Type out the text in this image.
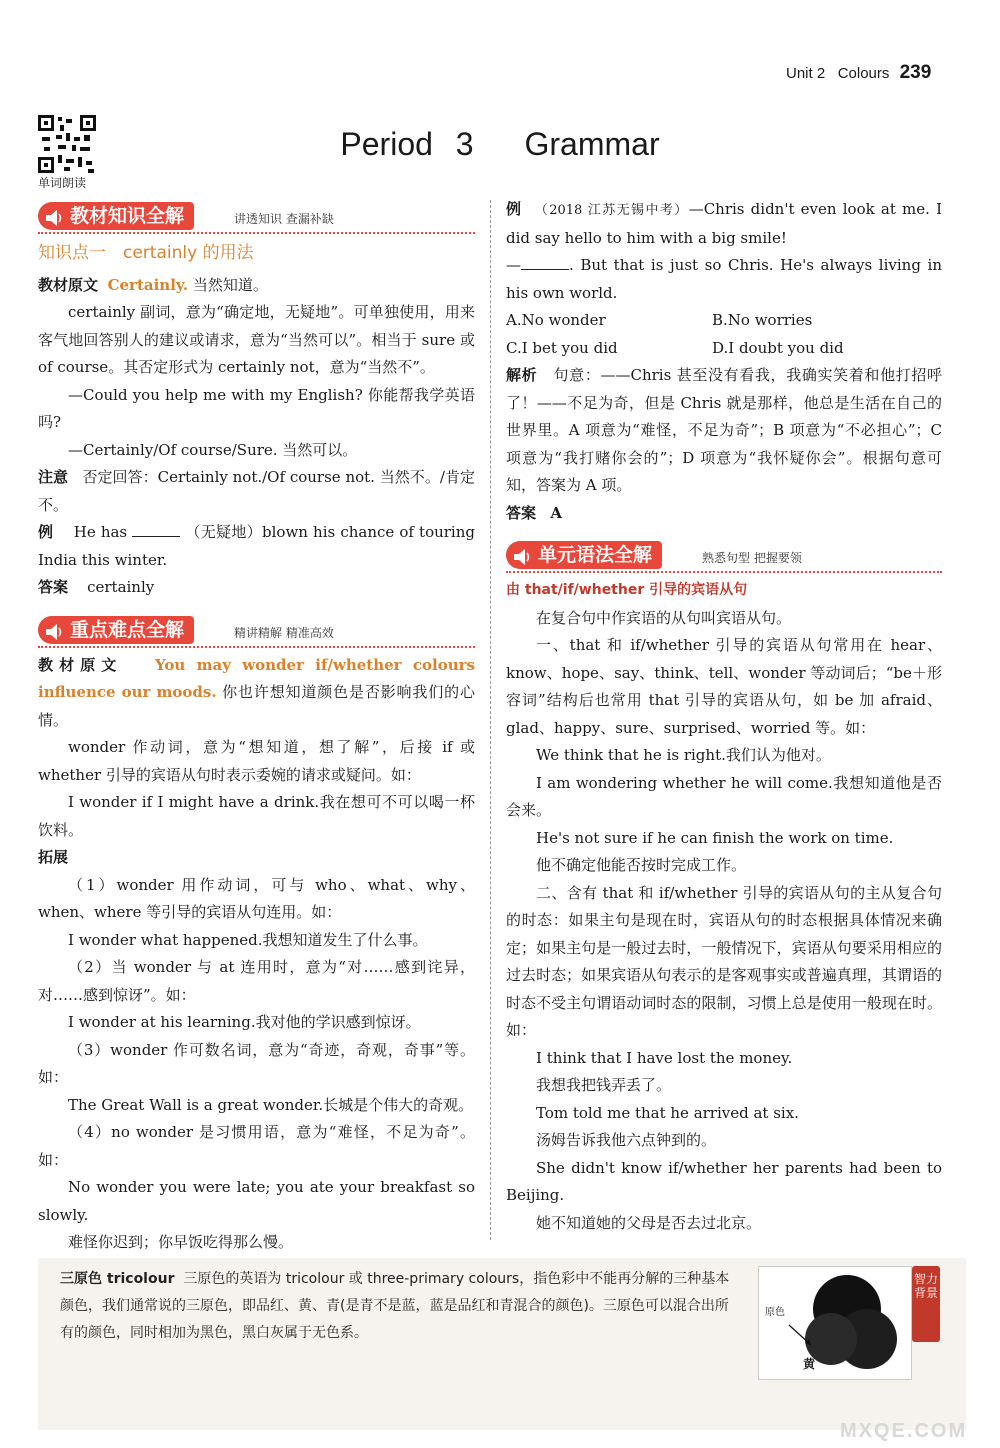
Unit 2 Colours 239
单词朗读
Period 3 Grammar
教材知识全解	讲透知识 查漏补缺
知识点一　certainly 的用法

教材原文 Certainly. 当然知道。

certainly 副词，意为“确定地，无疑地”。可单独使用，用来客气地回答别人的建议或请求，意为“当然可以”。相当于 sure 或 of course。其否定形式为 certainly not，意为“当然不”。

—Could you help me with my English? 你能帮我学英语吗?

—Certainly/Of course/Sure. 当然可以。

注意 否定回答：Certainly not./Of course not. 当然不。/肯定不。

例 He has	（无疑地）blown his chance of touring India this winter.

答案 certainly

重点难点全解	精讲精解 精准高效

教材原文 You may wonder if/whether colours influence our moods. 你也许想知道颜色是否影响我们的心情。

wonder 作动词，意为“想知道，想了解”，后接 if 或 whether 引导的宾语从句时表示委婉的请求或疑问。如：

I wonder if I might have a drink.我在想可不可以喝一杯饮料。

拓展

（1）wonder 用作动词，可与 who、what、why、when、where 等引导的宾语从句连用。如：

I wonder what happened.我想知道发生了什么事。

（2）当 wonder 与 at 连用时，意为“对……感到诧异，对……感到惊讶”。如：

I wonder at his learning.我对他的学识感到惊讶。

（3）wonder 作可数名词，意为“奇迹，奇观，奇事”等。如：

The Great Wall is a great wonder.长城是个伟大的奇观。

（4）no wonder 是习惯用语，意为“难怪，不足为奇”。如：

No wonder you were late; you ate your breakfast so slowly.

难怪你迟到；你早饭吃得那么慢。

例 （2018 江苏无锡中考）—Chris didn't even look at me. I did say hello to him with a big smile!

—	. But that is just so Chris. He's always living in his own world.

A.No wonder	B.No worries
C.I bet you did	D.I doubt you did

解析 句意：——Chris 甚至没有看我，我确实笑着和他打招呼了！——不足为奇，但是 Chris 就是那样，他总是生活在自己的世界里。A 项意为“难怪，不足为奇”；B 项意为“不必担心”；C 项意为“我打赌你会的”；D 项意为“我怀疑你会”。根据句意可知，答案为 A 项。

答案 A

单元语法全解	熟悉句型 把握要领

由 that/if/whether 引导的宾语从句

在复合句中作宾语的从句叫宾语从句。

一、that 和 if/whether 引导的宾语从句常用在 hear、know、hope、say、think、tell、wonder 等动词后；“be＋形容词”结构后也常用 that 引导的宾语从句，如 be 加 afraid、glad、happy、sure、surprised、worried 等。如：

We think that he is right.我们认为他对。

I am wondering whether he will come.我想知道他是否会来。

He's not sure if he can finish the work on time.

他不确定他能否按时完成工作。

二、含有 that 和 if/whether 引导的宾语从句的主从复合句的时态：如果主句是现在时，宾语从句的时态根据具体情况来确定；如果主句是一般过去时，一般情况下，宾语从句要采用相应的过去时态；如果宾语从句表示的是客观事实或普遍真理，其谓语的时态不受主句谓语动词时态的限制，习惯上总是使用一般现在时。如：

I think that I have lost the money.

我想我把钱弄丢了。

Tom told me that he arrived at six.

汤姆告诉我他六点钟到的。

She didn't know if/whether her parents had been to Beijing.

她不知道她的父母是否去过北京。

三原色 tricolour 三原色的英语为 tricolour 或 three-primary colours，指色彩中不能再分解的三种基本颜色，我们通常说的三原色，即品红、黄、青(是青不是蓝，蓝是品红和青混合的颜色)。三原色可以混合出所有的颜色，同时相加为黑色，黑白灰属于无色系。
原色
黄
智力背景
MXQE.COM
